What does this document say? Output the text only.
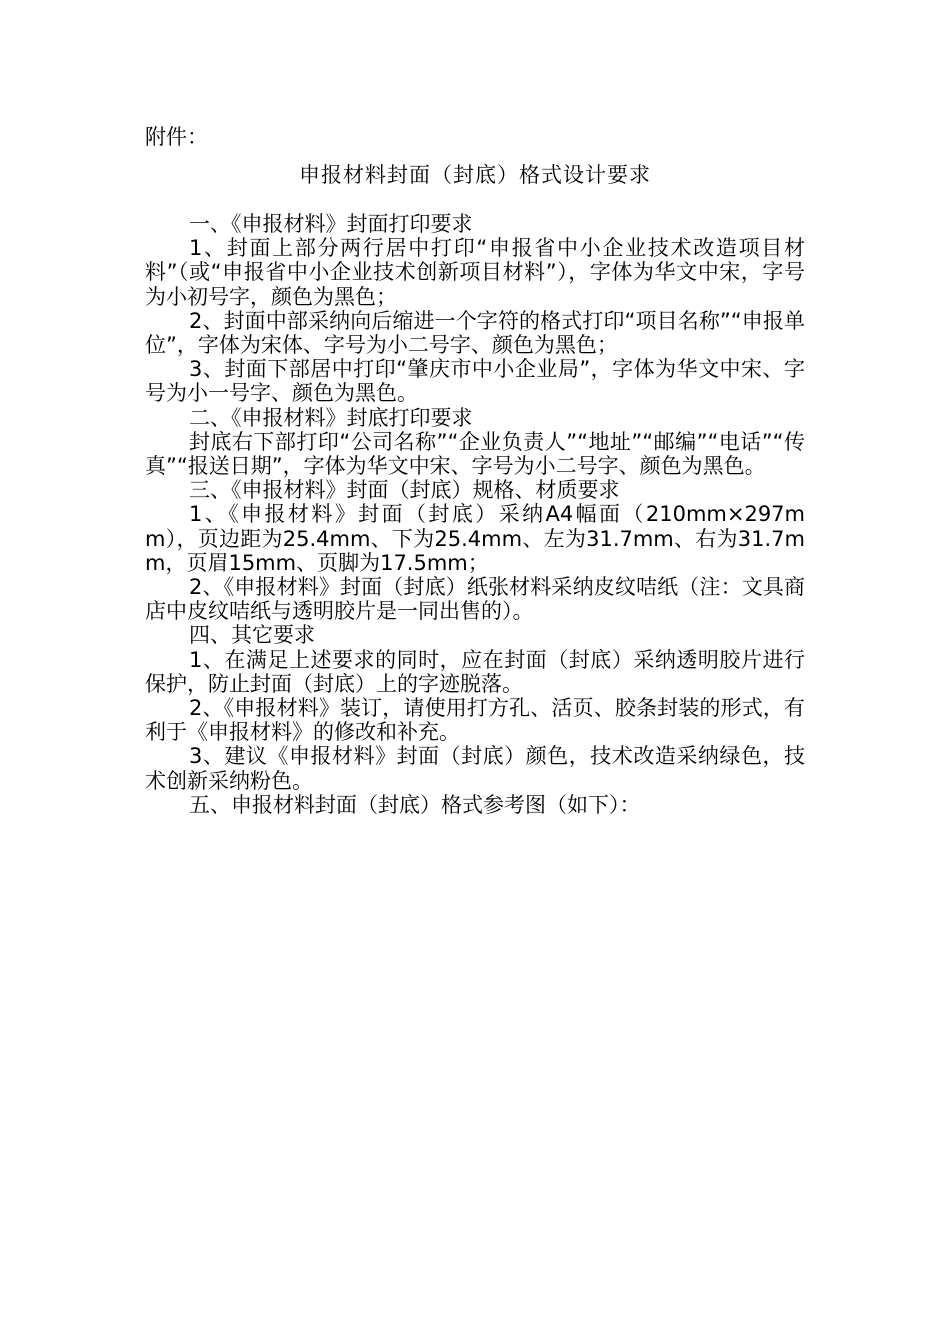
附件：
申报材料封面（封底）格式设计要求

一、《申报材料》封面打印要求

1、封面上部分两行居中打印“申报省中小企业技术改造项目材料”（或“申报省中小企业技术创新项目材料”），字体为华文中宋，字号为小初号字，颜色为黑色；

2、封面中部采纳向后缩进一个字符的格式打印“项目名称”“申报单位”，字体为宋体、字号为小二号字、颜色为黑色；

3、封面下部居中打印“肇庆市中小企业局”，字体为华文中宋、字号为小一号字、颜色为黑色。

二、《申报材料》封底打印要求

封底右下部打印“公司名称”“企业负责人”“地址”“邮编”“电话”“传真”“报送日期”，字体为华文中宋、字号为小二号字、颜色为黑色。

三、《申报材料》封面（封底）规格、材质要求

1、《申报材料》封面（封底）采纳A4幅面（210mm×297mm），页边距为25.4mm、下为25.4mm、左为31.7mm、右为31.7mm，页眉15mm、页脚为17.5mm；

2、《申报材料》封面（封底）纸张材料采纳皮纹咭纸（注：文具商店中皮纹咭纸与透明胶片是一同出售的）。

四、其它要求

1、在满足上述要求的同时，应在封面（封底）采纳透明胶片进行保护，防止封面（封底）上的字迹脱落。

2、《申报材料》装订，请使用打方孔、活页、胶条封装的形式，有利于《申报材料》的修改和补充。

3、建议《申报材料》封面（封底）颜色，技术改造采纳绿色，技术创新采纳粉色。

五、申报材料封面（封底）格式参考图（如下）：
